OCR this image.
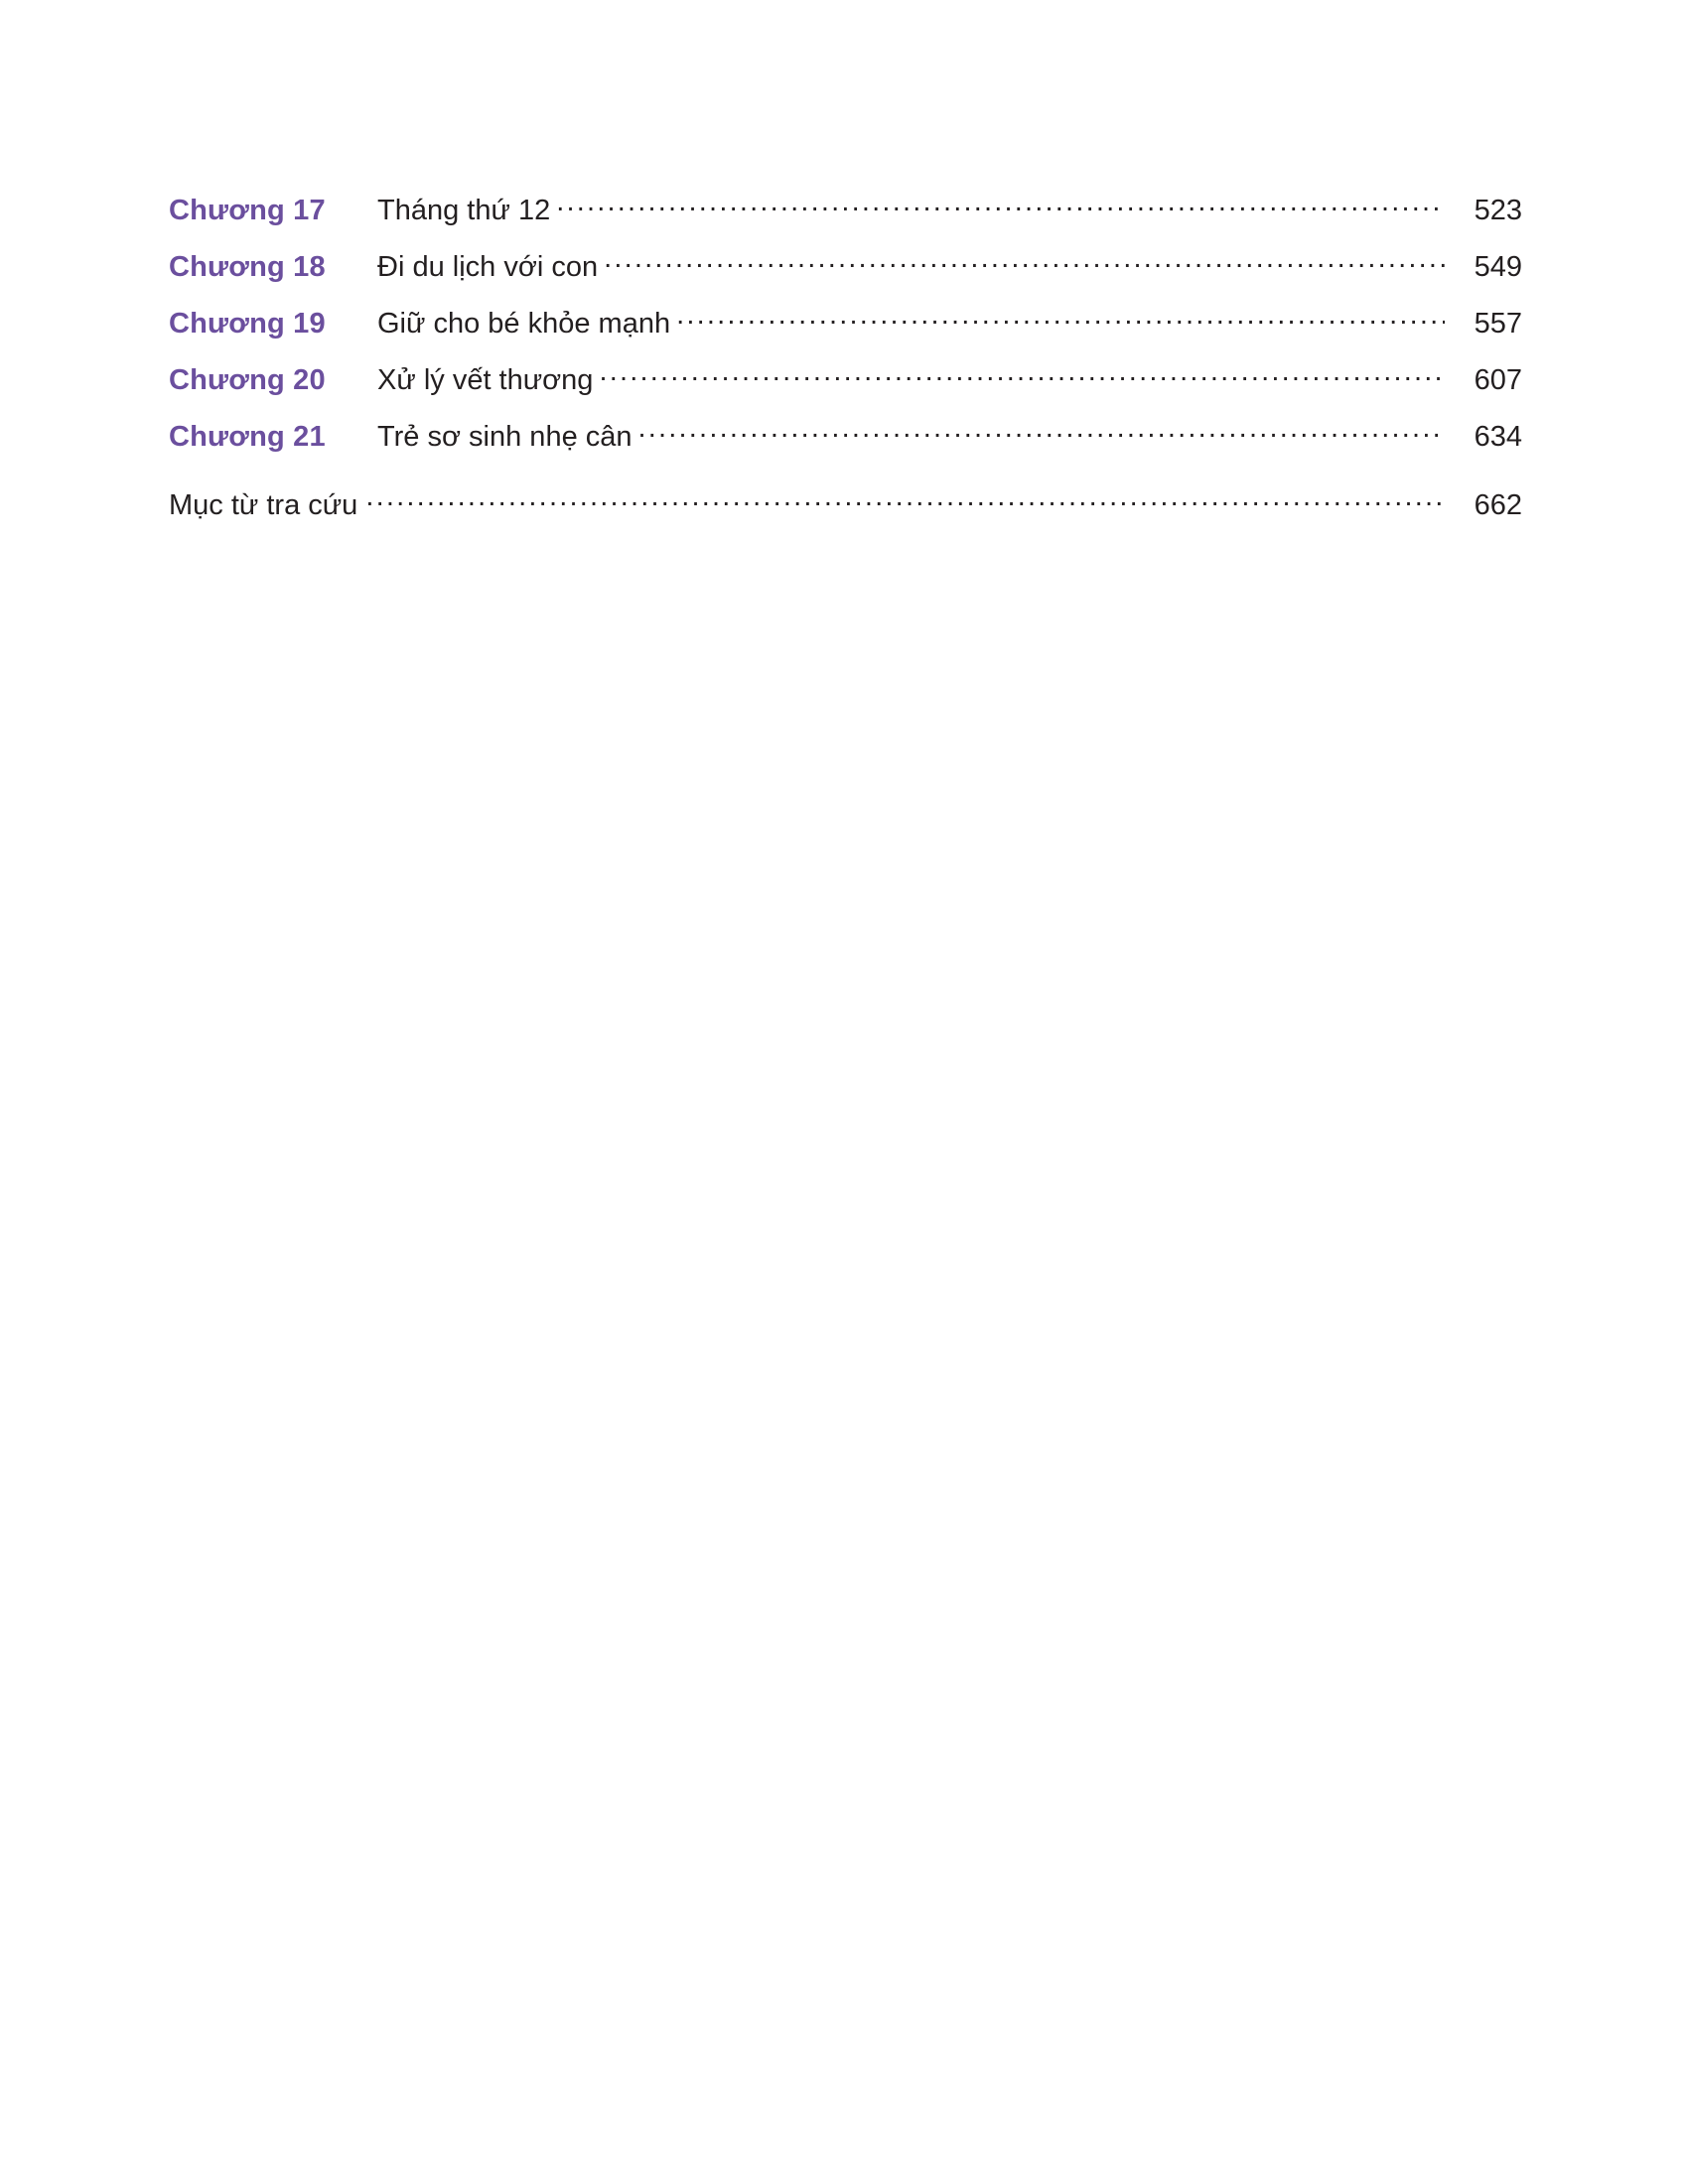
Chương 17	Tháng thứ 12 .....	523
Chương 18	Đi du lịch với con .....	549
Chương 19	Giữ cho bé khỏe mạnh .....	557
Chương 20	Xử lý vết thương .....	607
Chương 21	Trẻ sơ sinh nhẹ cân .....	634
Mục từ tra cứu .....	662
